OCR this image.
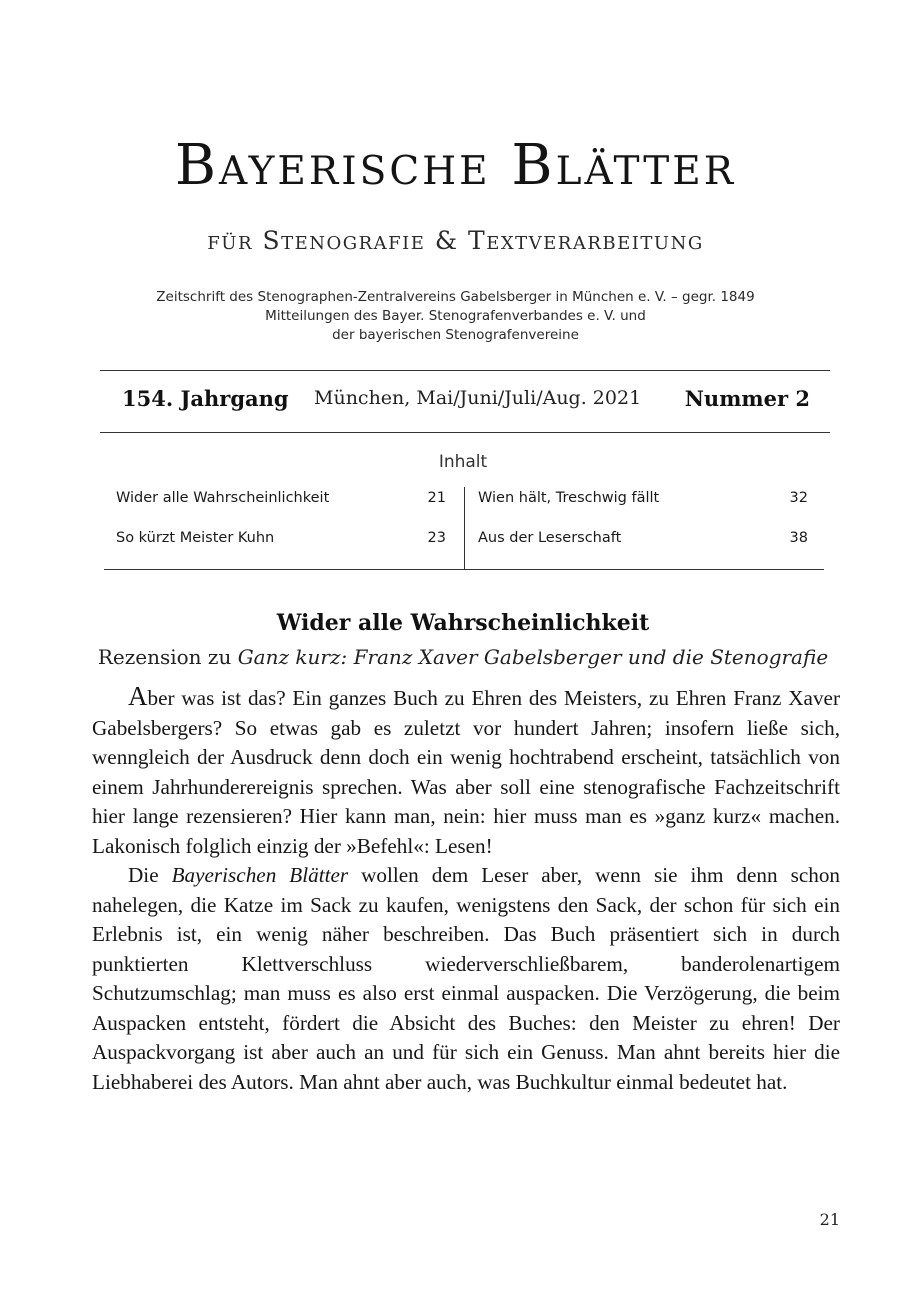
Bayerische Blätter
für Stenografie & Textverarbeitung
Zeitschrift des Stenographen-Zentralvereins Gabelsberger in München e. V. – gegr. 1849
Mitteilungen des Bayer. Stenografenverbandes e. V. und
der bayerischen Stenografenvereine
154. Jahrgang München, Mai/Juni/Juli/Aug. 2021 Nummer 2
Inhalt
Wider alle Wahrscheinlichkeit	21
So kürzt Meister Kuhn	23
Wien hält, Treschwig fällt	32
Aus der Leserschaft	38
Wider alle Wahrscheinlichkeit
Rezension zu Ganz kurz: Franz Xaver Gabelsberger und die Stenografie

Aber was ist das? Ein ganzes Buch zu Ehren des Meisters, zu Ehren Franz Xaver Gabelsbergers? So etwas gab es zuletzt vor hundert Jahren; insofern ließe sich, wenngleich der Ausdruck denn doch ein wenig hochtrabend erscheint, tatsächlich von einem Jahrhunderereignis sprechen. Was aber soll eine stenografische Fachzeitschrift hier lange rezensieren? Hier kann man, nein: hier muss man es »ganz kurz« machen. Lakonisch folglich einzig der »Befehl«: Lesen!

Die Bayerischen Blätter wollen dem Leser aber, wenn sie ihm denn schon nahelegen, die Katze im Sack zu kaufen, wenigstens den Sack, der schon für sich ein Erlebnis ist, ein wenig näher beschreiben. Das Buch präsentiert sich in durch punktierten Klettverschluss wiederverschließbarem, banderolenartigem Schutzumschlag; man muss es also erst einmal auspacken. Die Verzögerung, die beim Auspacken entsteht, fördert die Absicht des Buches: den Meister zu ehren! Der Auspackvorgang ist aber auch an und für sich ein Genuss. Man ahnt bereits hier die Liebhaberei des Autors. Man ahnt aber auch, was Buchkultur einmal bedeutet hat.

21
